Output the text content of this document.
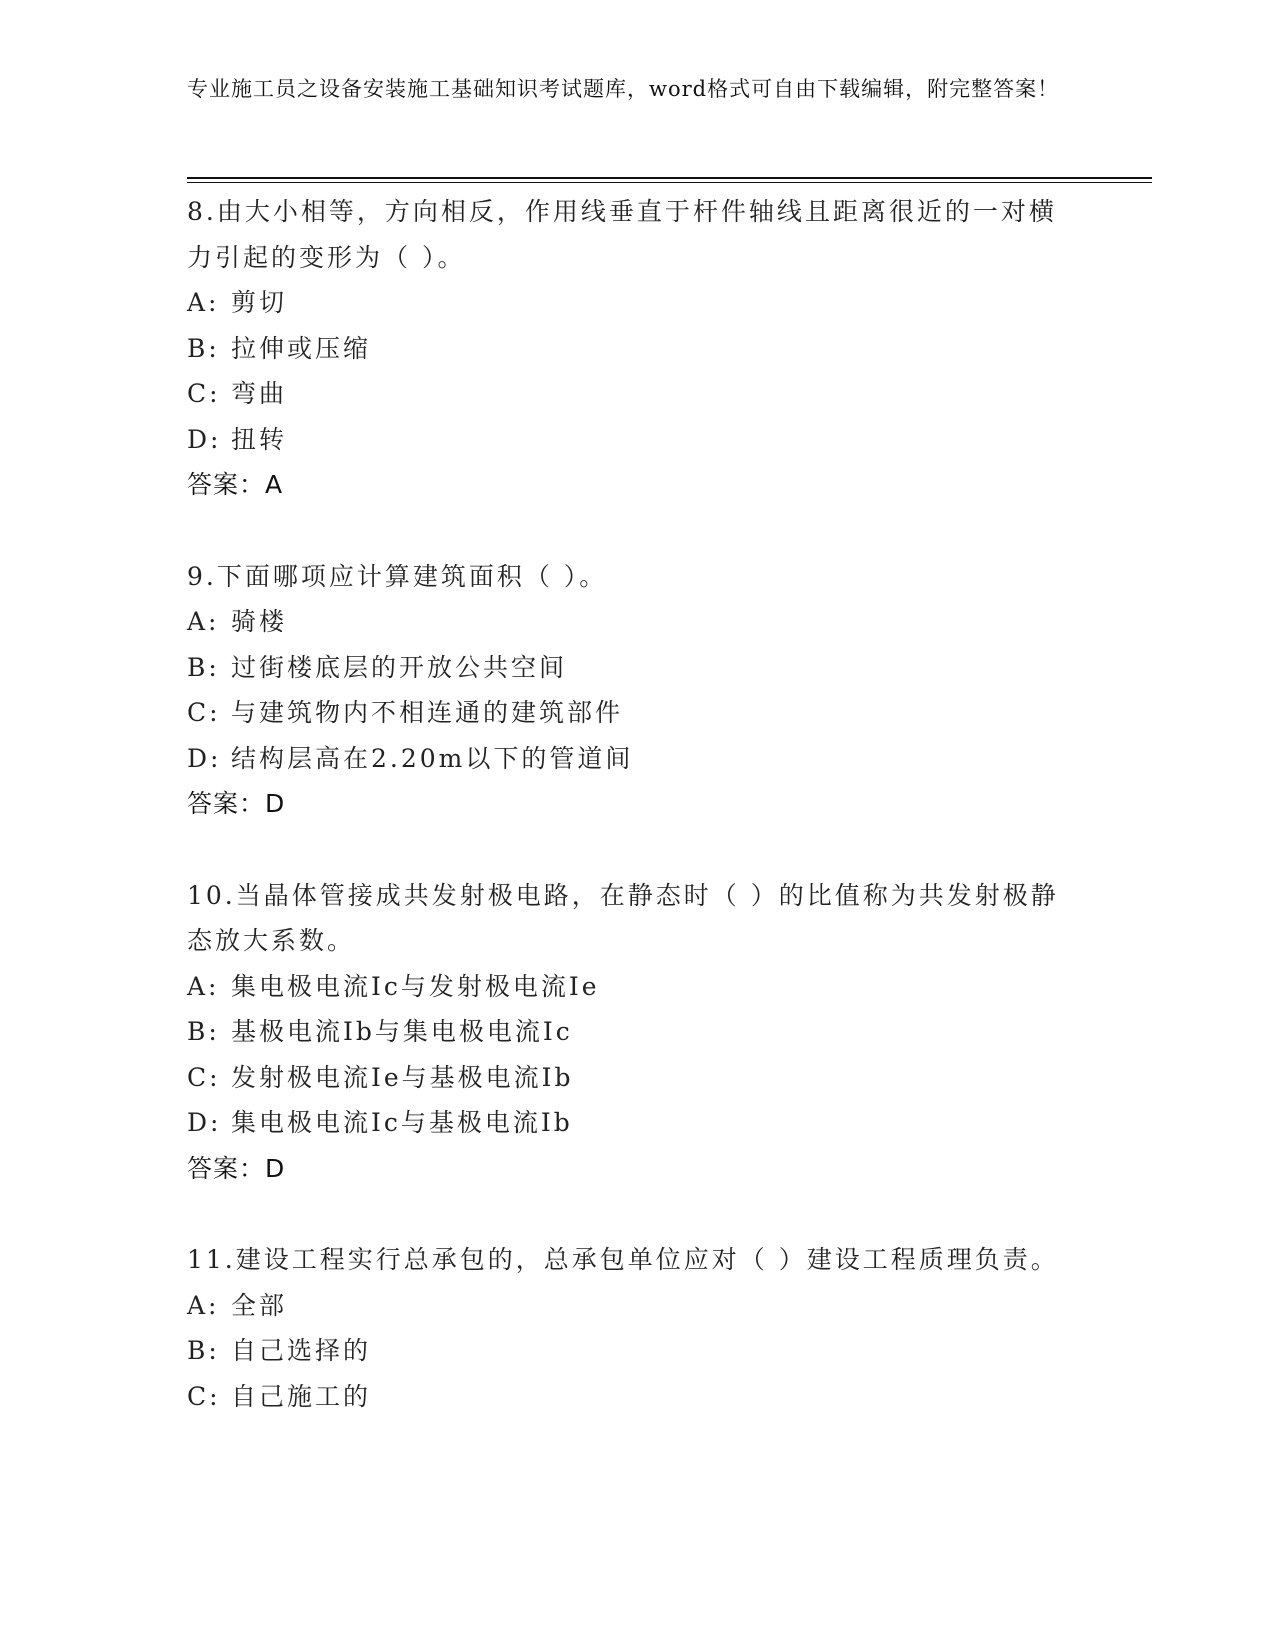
专业施工员之设备安装施工基础知识考试题库，word格式可自由下载编辑，附完整答案！
8.由大小相等，方向相反，作用线垂直于杆件轴线且距离很近的一对横力引起的变形为（ ）。
A: 剪切
B: 拉伸或压缩
C: 弯曲
D: 扭转
答案：A
9.下面哪项应计算建筑面积（ ）。
A: 骑楼
B: 过街楼底层的开放公共空间
C: 与建筑物内不相连通的建筑部件
D: 结构层高在2.20m以下的管道间
答案：D
10.当晶体管接成共发射极电路，在静态时（ ）的比值称为共发射极静态放大系数。
A: 集电极电流Ic与发射极电流Ie
B: 基极电流Ib与集电极电流Ic
C: 发射极电流Ie与基极电流Ib
D: 集电极电流Ic与基极电流Ib
答案：D
11.建设工程实行总承包的，总承包单位应对（ ）建设工程质理负责。
A: 全部
B: 自己选择的
C: 自己施工的
